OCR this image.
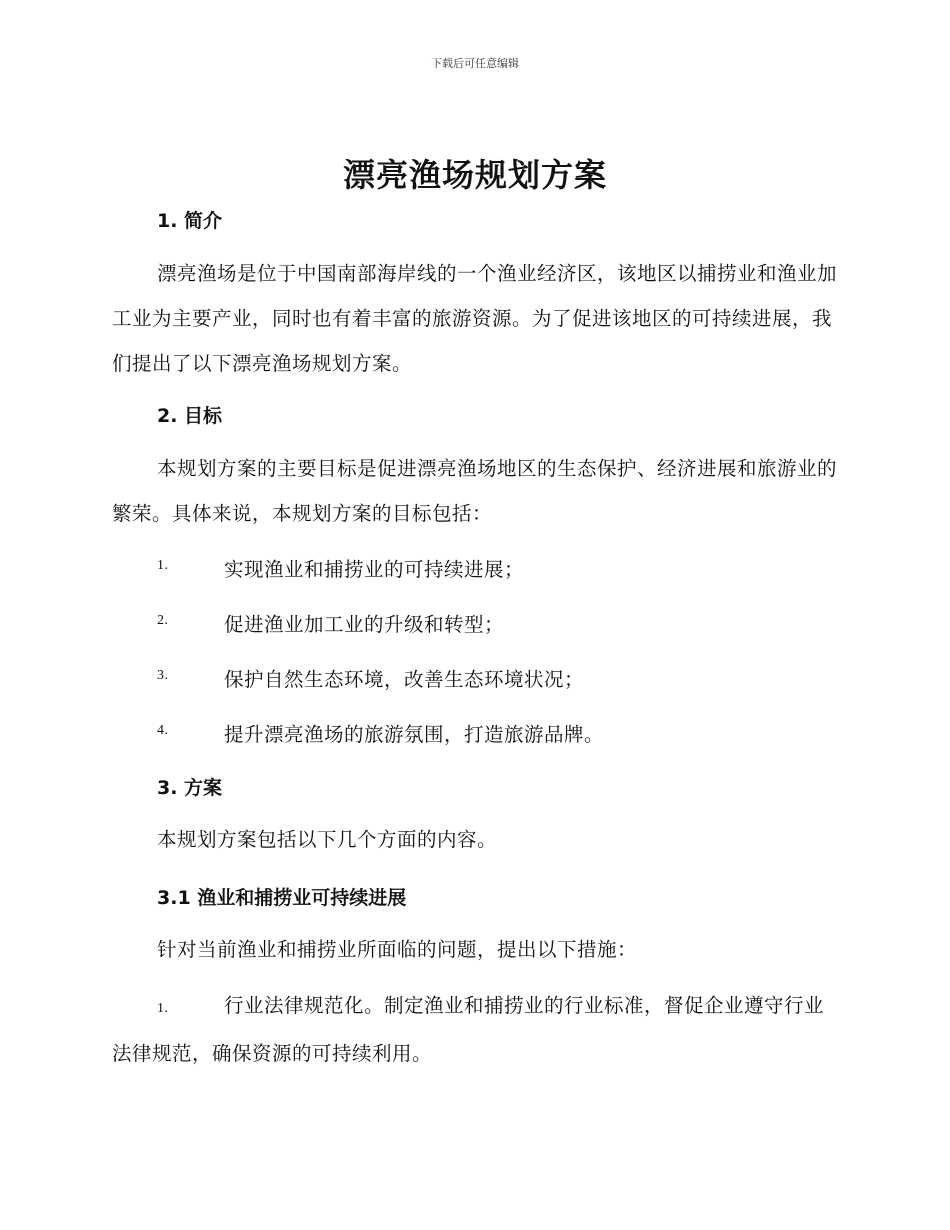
下载后可任意编辑
漂亮渔场规划方案
1. 简介

漂亮渔场是位于中国南部海岸线的一个渔业经济区，该地区以捕捞业和渔业加工业为主要产业，同时也有着丰富的旅游资源。为了促进该地区的可持续进展，我们提出了以下漂亮渔场规划方案。

2. 目标

本规划方案的主要目标是促进漂亮渔场地区的生态保护、经济进展和旅游业的繁荣。具体来说，本规划方案的目标包括：

1.	实现渔业和捕捞业的可持续进展；
2.	促进渔业加工业的升级和转型；
3.	保护自然生态环境，改善生态环境状况；
4.	提升漂亮渔场的旅游氛围，打造旅游品牌。
3. 方案

本规划方案包括以下几个方面的内容。

3.1 渔业和捕捞业可持续进展

针对当前渔业和捕捞业所面临的问题，提出以下措施：

1.	行业法律规范化。制定渔业和捕捞业的行业标准，督促企业遵守行业法律规范，确保资源的可持续利用。
